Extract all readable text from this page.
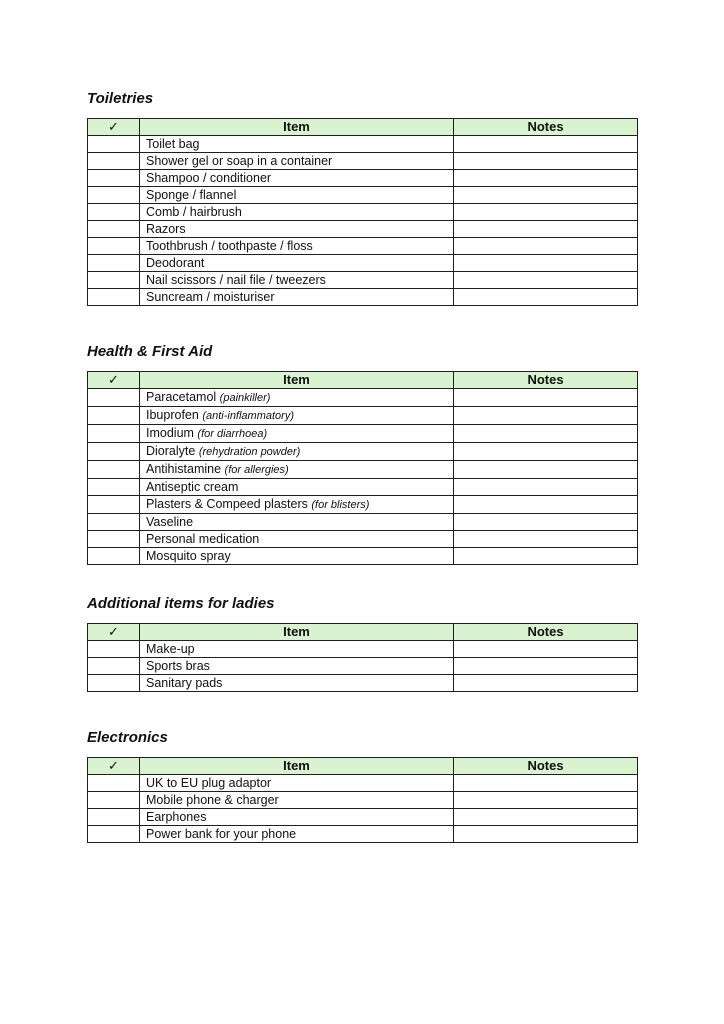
Toiletries
✓	Item	Notes
	Toilet bag	
	Shower gel or soap in a container	
	Shampoo / conditioner	
	Sponge / flannel	
	Comb / hairbrush	
	Razors	
	Toothbrush / toothpaste / floss	
	Deodorant	
	Nail scissors / nail file / tweezers	
	Suncream / moisturiser	
Health & First Aid
✓	Item	Notes
	Paracetamol (painkiller)	
	Ibuprofen (anti-inflammatory)	
	Imodium (for diarrhoea)	
	Dioralyte (rehydration powder)	
	Antihistamine (for allergies)	
	Antiseptic cream	
	Plasters & Compeed plasters (for blisters)	
	Vaseline	
	Personal medication	
	Mosquito spray	
Additional items for ladies
✓	Item	Notes
	Make-up	
	Sports bras	
	Sanitary pads	
Electronics
✓	Item	Notes
	UK to EU plug adaptor	
	Mobile phone & charger	
	Earphones	
	Power bank for your phone	
